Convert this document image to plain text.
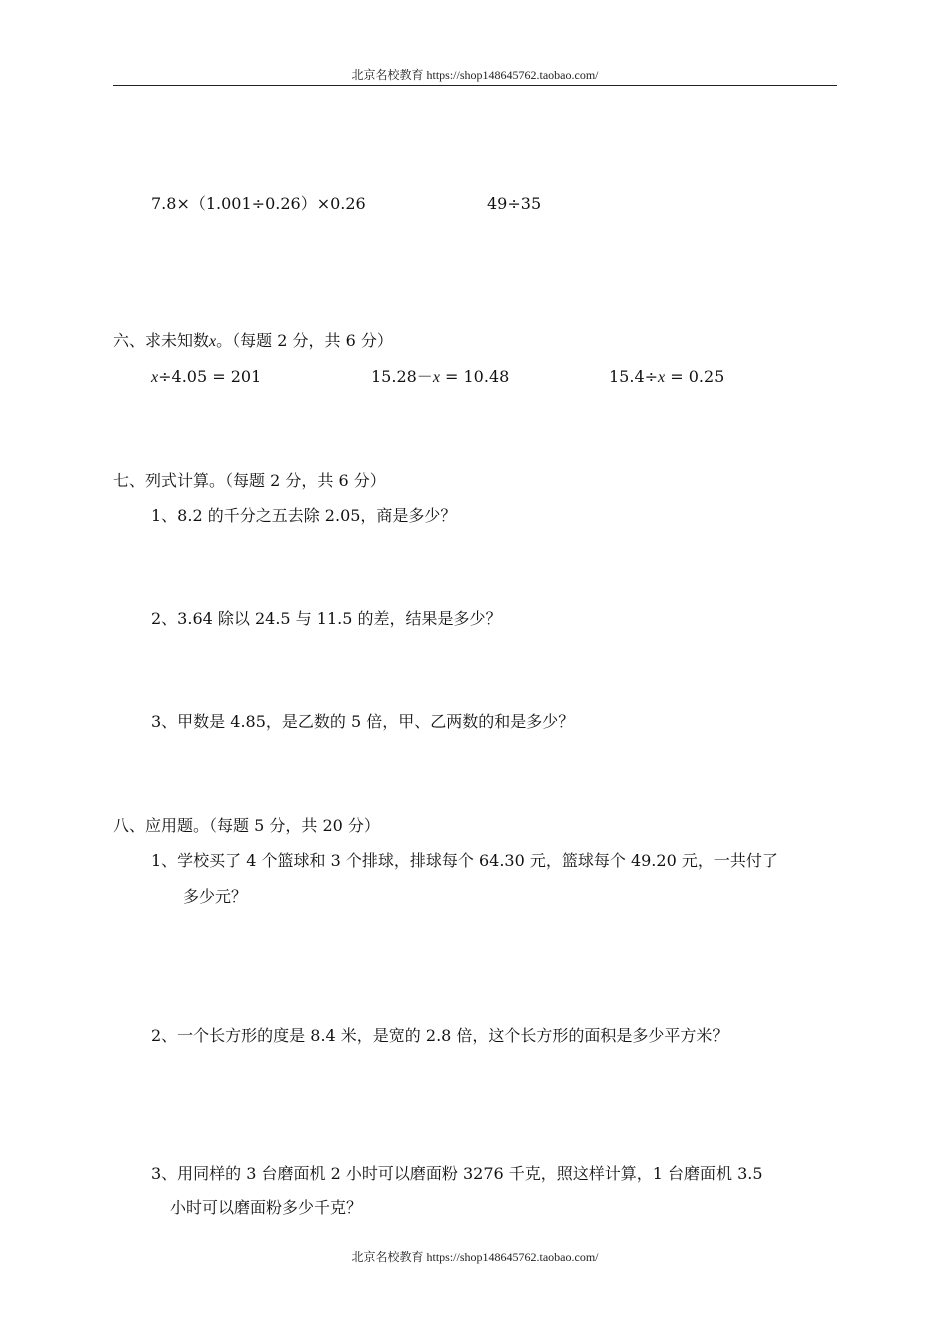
北京名校教育 https://shop148645762.taobao.com/
7.8×（1.001÷0.26）×0.26	49÷35
六、求未知数x。（每题 2 分，共 6 分）
x÷4.05 = 201	15.28－x = 10.48	15.4÷x = 0.25
七、列式计算。（每题 2 分，共 6 分）
1、8.2 的千分之五去除 2.05，商是多少？
2、3.64 除以 24.5 与 11.5 的差，结果是多少？
3、甲数是 4.85，是乙数的 5 倍，甲、乙两数的和是多少？
八、应用题。（每题 5 分，共 20 分）
1、学校买了 4 个篮球和 3 个排球，排球每个 64.30 元，篮球每个 49.20 元，一共付了
多少元？
2、一个长方形的度是 8.4 米，是宽的 2.8 倍，这个长方形的面积是多少平方米？
3、用同样的 3 台磨面机 2 小时可以磨面粉 3276 千克，照这样计算，1 台磨面机 3.5
小时可以磨面粉多少千克？
北京名校教育 https://shop148645762.taobao.com/
